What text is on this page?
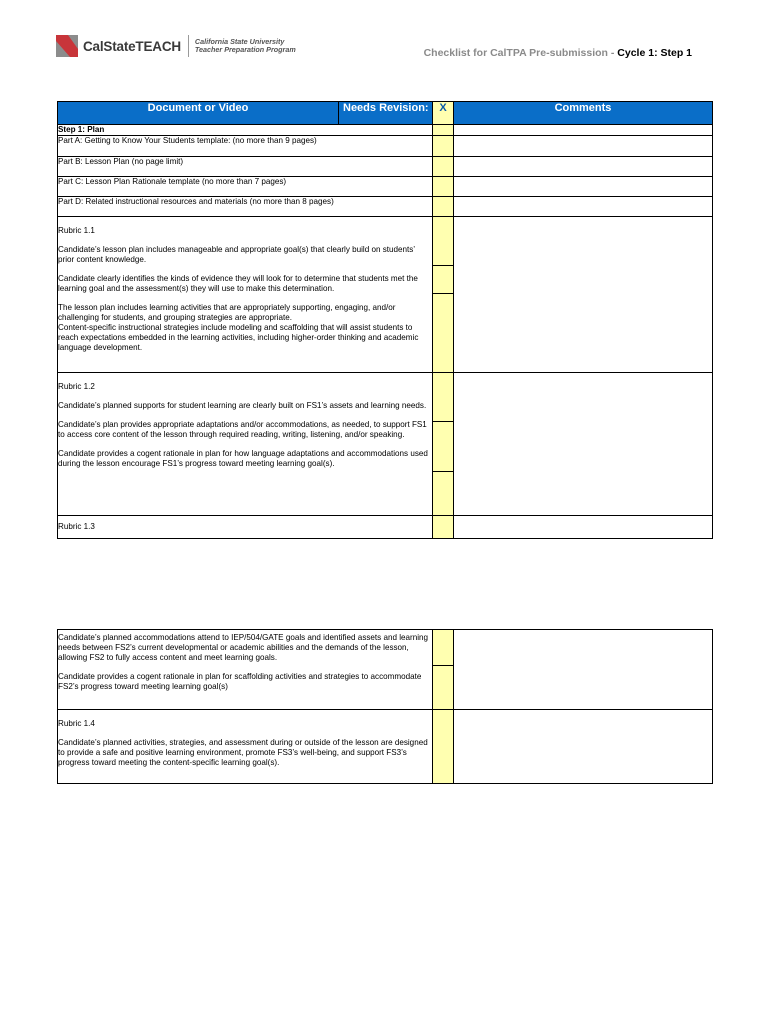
CalStateTEACH California State University
Teacher Preparation Program	Checklist for CalTPA Pre-submission - Cycle 1: Step 1
Document or Video	Needs Revision:	X	Comments
Step 1: Plan			
Part A: Getting to Know Your Students template: (no more than 9 pages)			
Part B: Lesson Plan (no page limit)			
Part C: Lesson Plan Rationale template (no more than 7 pages)			
Part D: Related instructional resources and materials (no more than 8 pages)			

Rubric 1.1

Candidate’s lesson plan includes manageable and appropriate goal(s) that clearly build on students’ prior content knowledge.

Candidate clearly identifies the kinds of evidence they will look for to determine that students met the learning goal and the assessment(s) they will use to make this determination.

The lesson plan includes learning activities that are appropriately supporting, engaging, and/or challenging for students, and grouping strategies are appropriate.

Content-specific instructional strategies include modeling and scaffolding that will assist students to reach expectations embedded in the learning activities, including higher-order thinking and academic language development.			

Rubric 1.2

Candidate’s planned supports for student learning are clearly built on FS1’s assets and learning needs.

Candidate’s plan provides appropriate adaptations and/or accommodations, as needed, to support FS1 to access core content of the lesson through required reading, writing, listening, and/or speaking.

Candidate provides a cogent rationale in plan for how language adaptations and accommodations used during the lesson encourage FS1’s progress toward meeting learning goal(s).			

Rubric 1.3			

Candidate’s planned accommodations attend to IEP/504/GATE goals and identified assets and learning needs between FS2’s current developmental or academic abilities and the demands of the lesson, allowing FS2 to fully access content and meet learning goals.

Candidate provides a cogent rationale in plan for scaffolding activities and strategies to accommodate FS2’s progress toward meeting learning goal(s)		

Rubric 1.4

Candidate’s planned activities, strategies, and assessment during or outside of the lesson are designed to provide a safe and positive learning environment, promote FS3’s well-being, and support FS3’s progress toward meeting the content-specific learning goal(s).		
